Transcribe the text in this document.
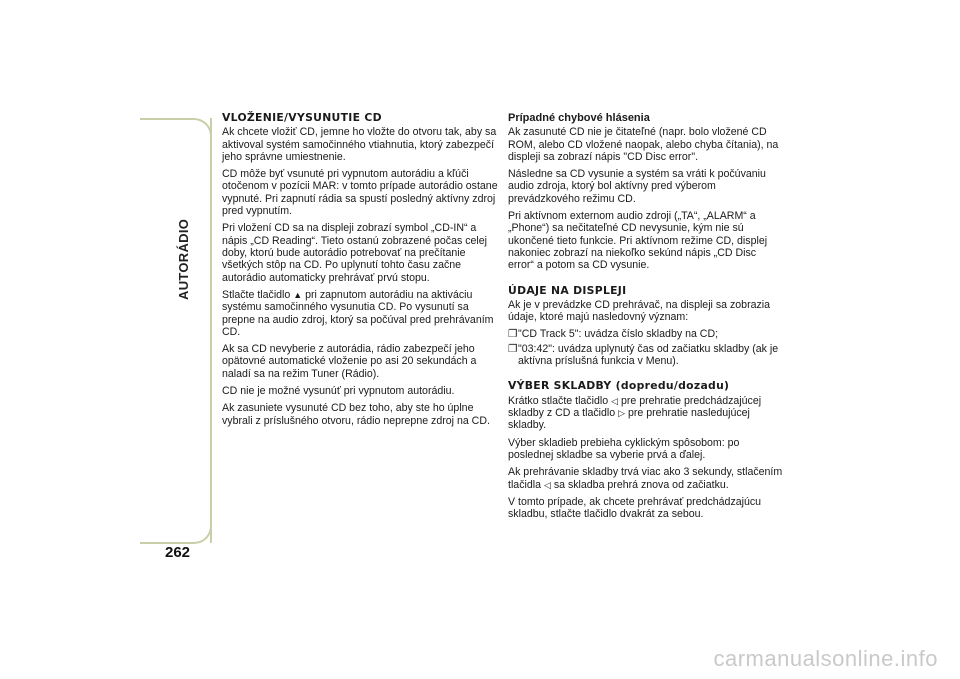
AUTORÁDIO
262
VLOŽENIE/VYSUNUTIE CD

Ak chcete vložiť CD, jemne ho vložte do otvoru tak, aby sa aktivoval systém samočinného vtiahnutia, ktorý zabezpečí jeho správne umiestnenie.

CD môže byť vsunuté pri vypnutom autorádiu a kľúči otočenom v pozícii MAR: v tomto prípade autorádio ostane vypnuté. Pri zapnutí rádia sa spustí posledný aktívny zdroj pred vypnutím.

Pri vložení CD sa na displeji zobrazí symbol „CD-IN“ a nápis „CD Reading“. Tieto ostanú zobrazené počas celej doby, ktorú bude autorádio potrebovať na prečítanie všetkých stôp na CD. Po uplynutí tohto času začne autorádio automaticky prehrávať prvú stopu.

Stlačte tlačidlo ▲ pri zapnutom autorádiu na aktiváciu systému samočinného vysunutia CD. Po vysunutí sa prepne na audio zdroj, ktorý sa počúval pred prehrávaním CD.

Ak sa CD nevyberie z autorádia, rádio zabezpečí jeho opätovné automatické vloženie po asi 20 sekundách a naladí sa na režim Tuner (Rádio).

CD nie je možné vysunúť pri vypnutom autorádiu.

Ak zasuniete vysunuté CD bez toho, aby ste ho úplne vybrali z príslušného otvoru, rádio neprepne zdroj na CD.

Prípadné chybové hlásenia

Ak zasunuté CD nie je čitateľné (napr. bolo vložené CD ROM, alebo CD vložené naopak, alebo chyba čítania), na displeji sa zobrazí nápis "CD Disc error".

Následne sa CD vysunie a systém sa vráti k počúvaniu audio zdroja, ktorý bol aktívny pred výberom prevádzkového režimu CD.

Pri aktívnom externom audio zdroji („TA“, „ALARM“ a „Phone“) sa nečitateľné CD nevysunie, kým nie sú ukončené tieto funkcie. Pri aktívnom režime CD, displej nakoniec zobrazí na niekoľko sekúnd nápis „CD Disc error“ a potom sa CD vysunie.

ÚDAJE NA DISPLEJI

Ak je v prevádzke CD prehrávač, na displeji sa zobrazia údaje, ktoré majú nasledovný význam:

❐"CD Track 5": uvádza číslo skladby na CD;
❐"03:42": uvádza uplynutý čas od začiatku skladby (ak je aktívna príslušná funkcia v Menu).
VÝBER SKLADBY (dopredu/dozadu)

Krátko stlačte tlačidlo ◁ pre prehratie predchádzajúcej skladby z CD a tlačidlo ▷ pre prehratie nasledujúcej skladby.

Výber skladieb prebieha cyklickým spôsobom: po poslednej skladbe sa vyberie prvá a ďalej.

Ak prehrávanie skladby trvá viac ako 3 sekundy, stlačením tlačidla ◁ sa skladba prehrá znova od začiatku.

V tomto prípade, ak chcete prehrávať predchádzajúcu skladbu, stlačte tlačidlo dvakrát za sebou.

carmanualsonline.info
